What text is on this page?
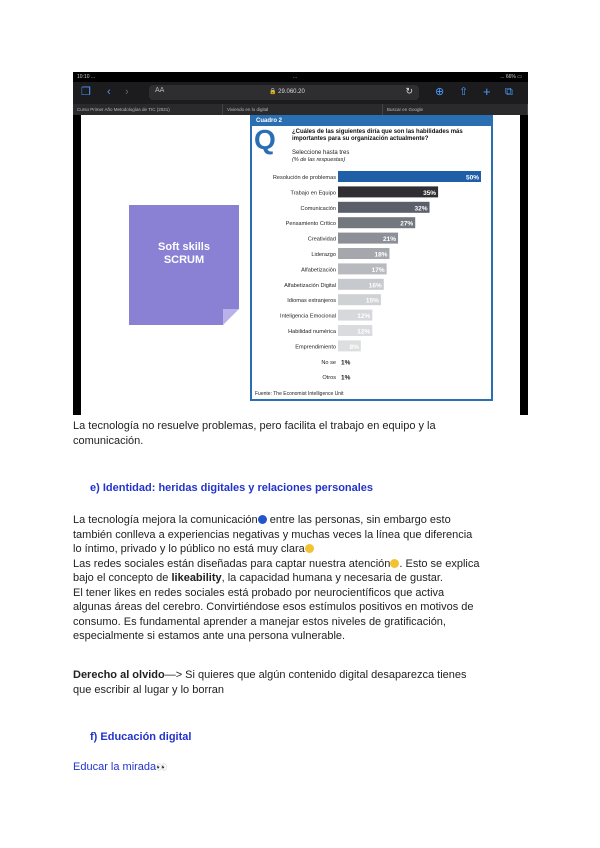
10:10 ...	...	... 66% ▭
❐ ‹ ›	AA	🔒 29.060.20	↻ ⊕ ⇧ + ⧉
Curso Primer Año Metodologías de TIC (2021)	Viviendo en lo digital	Buscar en Google
Soft skills
SCRUM
Cuadro 2
Q	¿Cuáles de las siguientes diría que son las habilidades más importantes para su organización actualmente?
Seleccione hasta tres
(% de las respuestas)
Resolución de problemas	50%
Trabajo en Equipo	35%
Comunicación	32%
Pensamiento Crítico	27%
Creatividad	21%
Liderazgo	18%
Alfabetización	17%
Alfabetización Digital	16%
Idiomas extranjeros	15%
Inteligencia Emocional	12%
Habilidad numérica	12%
Emprendimiento 8%
No se 1%
Otros 1%
Fuente: The Economist Intelligence Unit
La tecnología no resuelve problemas, pero facilita el trabajo en equipo y la
comunicación.
e) Identidad: heridas digitales y relaciones personales
La tecnología mejora la comunicación entre las personas, sin embargo esto
también conlleva a experiencias negativas y muchas veces la línea que diferencia
lo íntimo, privado y lo público no está muy clara
Las redes sociales están diseñadas para captar nuestra atención . Esto se explica
bajo el concepto de likeability, la capacidad humana y necesaria de gustar.
El tener likes en redes sociales está probado por neurocientíficos que activa
algunas áreas del cerebro. Convirtiéndose esos estímulos positivos en motivos de
consumo. Es fundamental aprender a manejar estos niveles de gratificación,
especialmente si estamos ante una persona vulnerable.
Derecho al olvido—> Si quieres que algún contenido digital desaparezca tienes
que escribir al lugar y lo borran
f) Educación digital
Educar la mirada👀
